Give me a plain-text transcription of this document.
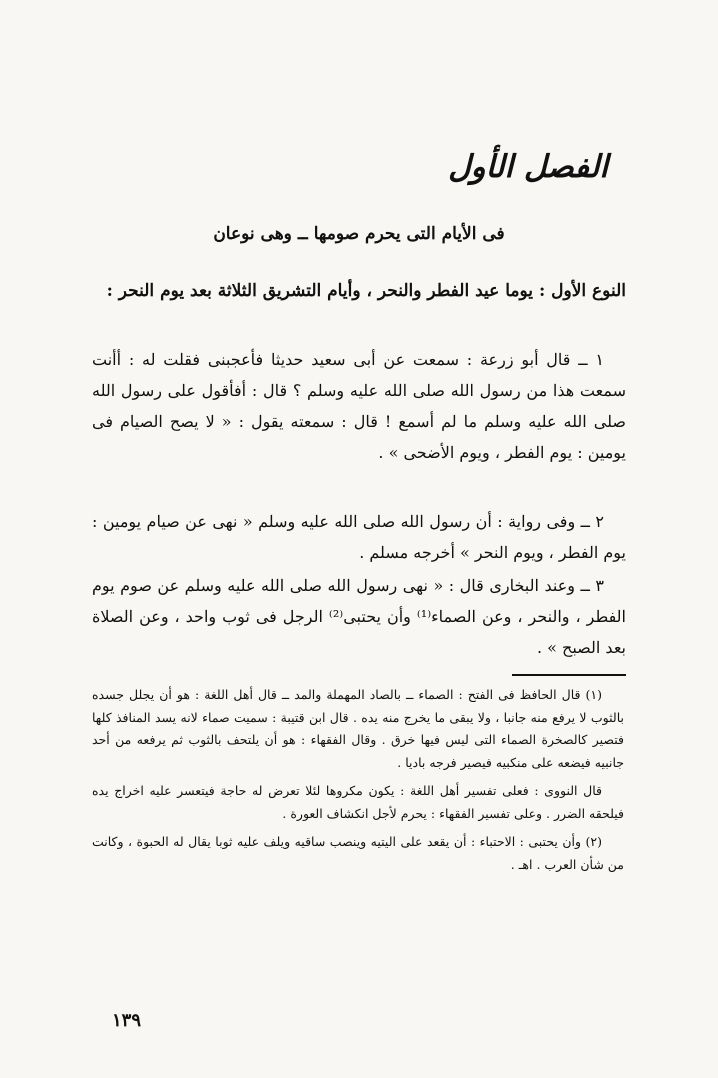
الفصل الأول
فى الأيام التى يحرم صومها ــ وهى نوعان
النوع الأول : يوما عيد الفطر والنحر ، وأيام التشريق الثلاثة بعد يوم النحر :

١ ــ قال أبو زرعة : سمعت عن أبى سعيد حديثا فأعجبنى فقلت له : أأنت سمعت هذا من رسول الله صلى الله عليه وسلم ؟ قال : أفأقول على رسول الله صلى الله عليه وسلم ما لم أسمع ! قال : سمعته يقول : « لا يصح الصيام فى يومين : يوم الفطر ، ويوم الأضحى » .

٢ ــ وفى رواية : أن رسول الله صلى الله عليه وسلم « نهى عن صيام يومين : يوم الفطر ، ويوم النحر » أخرجه مسلم .

٣ ــ وعند البخارى قال : « نهى رسول الله صلى الله عليه وسلم عن صوم يوم الفطر ، والنحر ، وعن الصماء⁽¹⁾ وأن يحتبى⁽²⁾ الرجل فى ثوب واحد ، وعن الصلاة بعد الصبح » .

(١) قال الحافظ فى الفتح : الصماء ــ بالصاد المهملة والمد ــ قال أهل اللغة : هو أن يجلل جسده بالثوب لا يرفع منه جانبا ، ولا يبقى ما يخرج منه يده . قال ابن قتيبة : سميت صماء لانه يسد المنافذ كلها فتصير كالصخرة الصماء التى ليس فيها خرق . وقال الفقهاء : هو أن يلتحف بالثوب ثم يرفعه من أحد جانبيه فيضعه على منكبيه فيصير فرجه باديا .

قال النووى : فعلى تفسير أهل اللغة : يكون مكروها لئلا تعرض له حاجة فيتعسر عليه اخراج يده فيلحقه الضرر . وعلى تفسير الفقهاء : يحرم لأجل انكشاف العورة .

(٢) وأن يحتبى : الاحتباء : أن يقعد على اليتيه وينصب ساقيه ويلف عليه ثوبا يقال له الحبوة ، وكانت من شأن العرب . اهـ .

١٣٩
